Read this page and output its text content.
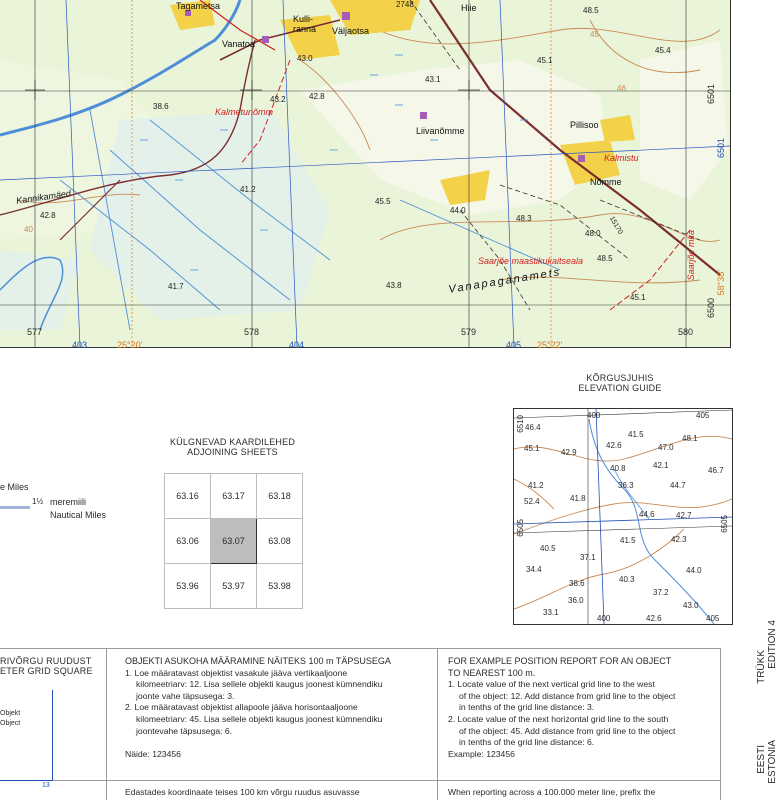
Tagametsa
Vanatoa
Kulli-
ranna Väljaotsa
Hiie
Liivanõmme
Pillisoo
Nõmme
Kalmetunõmm
Kalmistu
Kannikamäed
Vanapaganamets
Saarjõe maastikukaitseala	Saarjõe mka
2748
48.5
45.4
45.1
43.0
43.1
42.8
38.6
43.2
41.2
45.5
44.0
48.3
48.0
48.5
41.7	43.8
45.1
42.8
46
45
40	15170
6501
6500
6501
58°38'
577	578	579	580
403	404	405
25°20'	25°22'
e Miles
1½ meremiili
Nautical Miles
KÜLGNEVAD KAARDILEHED
ADJOINING SHEETS
63.16	63.17	63.18
63.06	63.07	63.08
53.96	53.97	53.98
KÕRGUSJUHIS
ELEVATION GUIDE
400	405
400	405
6510
6505	6505
46.4
41.5
47.0
48.1
45.1	42.9
42.6
40.8	42.1
46.7
36.3	44.7
41.2
52.4	41.8
44.6	42.7
40.5
41.5	42.3
37.1
34.4
38.6	40.3
44.0
36.0
37.2
33.1
42.6
43.0
RIVÕRGU RUUDUST
ETER GRID SQUARE
Objekt
Object
13
OBJEKTI ASUKOHA MÄÄRAMINE NÄITEKS 100 m TÄPSUSEGA
1. Loe määratavast objektist vasakule jääva vertikaaljoone
kilomeetriarv: 12. Lisa sellele objekti kaugus joonest kümnendiku
joonte vahe täpsusega: 3.
2. Loe määratavast objektist allapoole jääva horisontaaljoone
kilomeetriarv: 45. Lisa sellele objekti kaugus joonest kümnendiku
joontevahe täpsusega: 6.
Näide: 123456
Edastades koordinaate teises 100 km võrgu ruudus asuvasse
FOR EXAMPLE POSITION REPORT FOR AN OBJECT
TO NEAREST 100 m.
1. Locate value of the next vertical grid line to the west
of the object: 12. Add distance from grid line to the object
in tenths of the grid line distance: 3.
2. Locate value of the next horizontal grid line to the south
of the object: 45. Add distance from grid line to the object
in tenths of the grid line distance: 6.
Example: 123456
When reporting across a 100.000 meter line, prefix the
TRÜKK EDITION 4
EESTI ESTONIA
